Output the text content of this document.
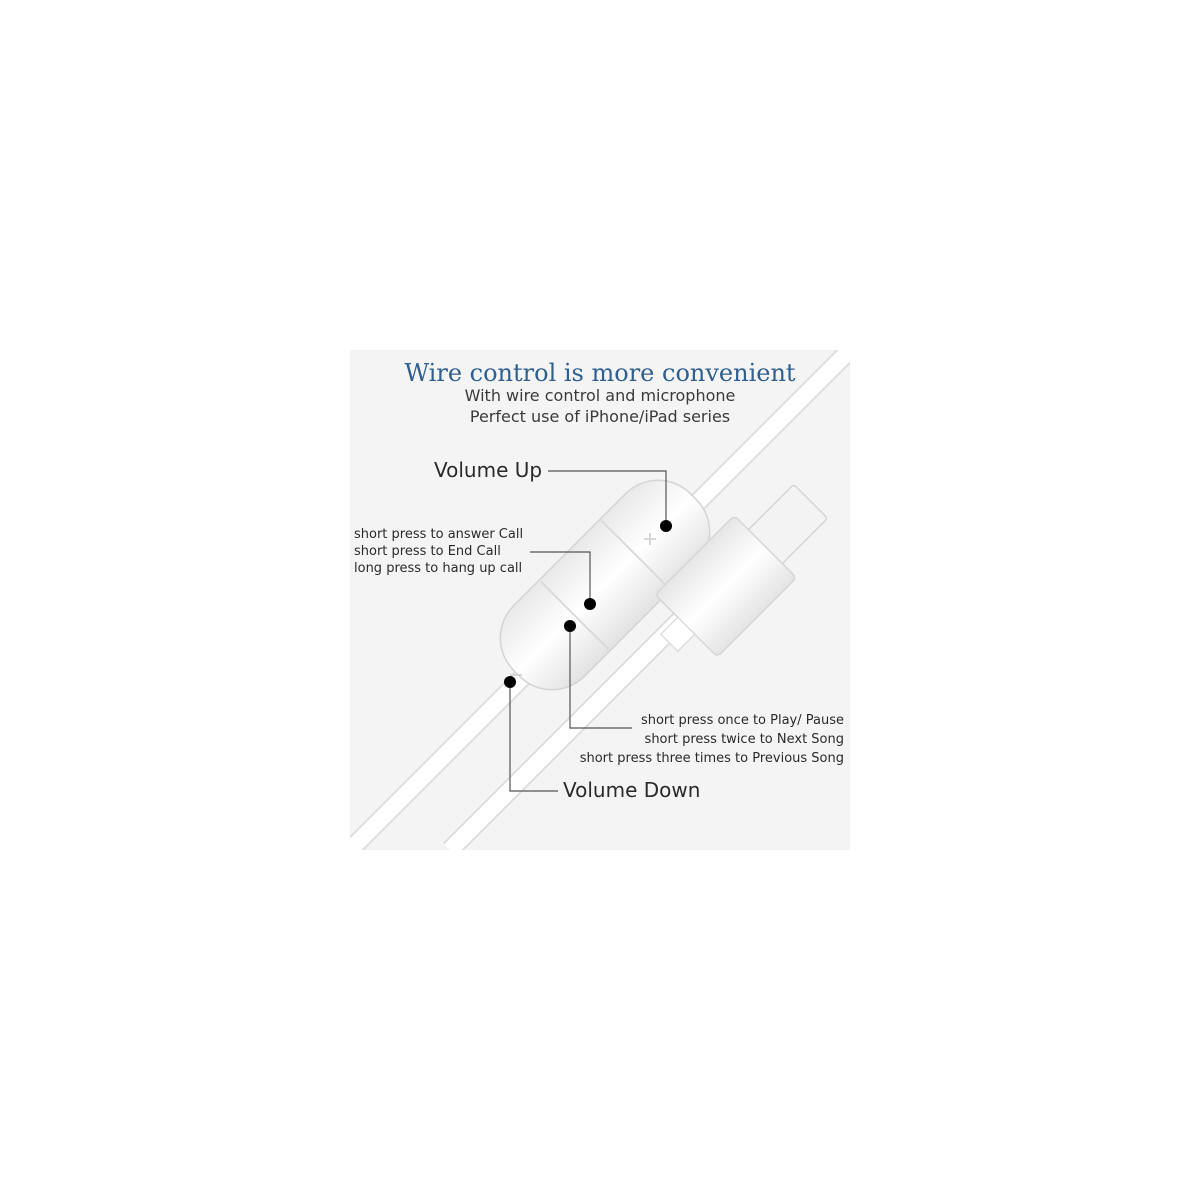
Wire control is more convenient
With wire control and microphone
Perfect use of iPhone/iPad series
Volume Up
short press to answer Call
short press to End Call
long press to hang up call
short press once to Play/ Pause
short press twice to Next Song
short press three times to Previous Song
Volume Down
